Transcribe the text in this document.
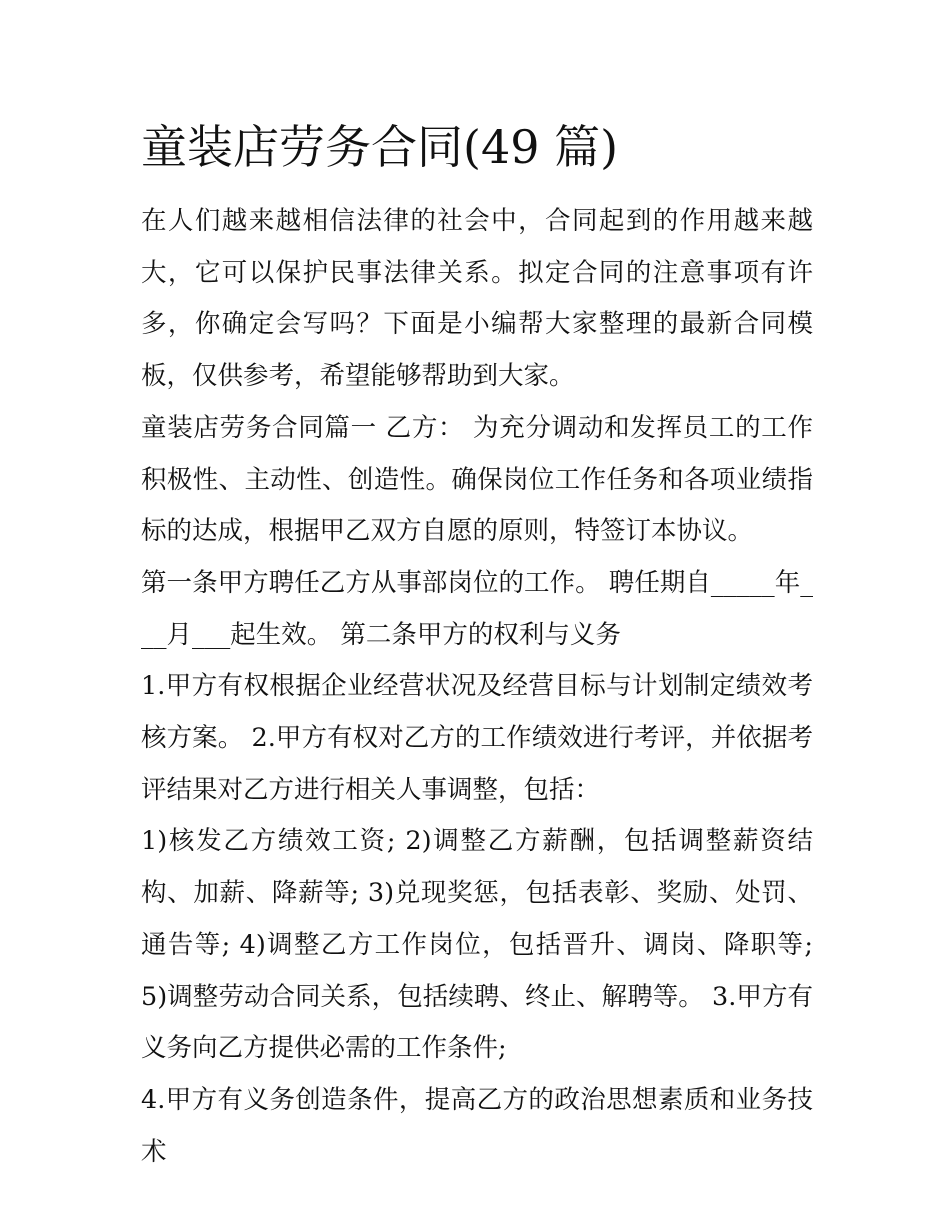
童装店劳务合同(49 篇)

在人们越来越相信法律的社会中，合同起到的作用越来越大，它可以保护民事法律关系。拟定合同的注意事项有许多，你确定会写吗？下面是小编帮大家整理的最新合同模板，仅供参考，希望能够帮助到大家。

童装店劳务合同篇一 乙方： 为充分调动和发挥员工的工作积极性、主动性、创造性。确保岗位工作任务和各项业绩指标的达成，根据甲乙双方自愿的原则，特签订本协议。

第一条甲方聘任乙方从事部岗位的工作。 聘任期自_____年___月___起生效。 第二条甲方的权利与义务

1.甲方有权根据企业经营状况及经营目标与计划制定绩效考核方案。 2.甲方有权对乙方的工作绩效进行考评，并依据考评结果对乙方进行相关人事调整，包括：

1)核发乙方绩效工资; 2)调整乙方薪酬，包括调整薪资结构、加薪、降薪等; 3)兑现奖惩，包括表彰、奖励、处罚、通告等; 4)调整乙方工作岗位，包括晋升、调岗、降职等; 5)调整劳动合同关系，包括续聘、终止、解聘等。 3.甲方有义务向乙方提供必需的工作条件;

4.甲方有义务创造条件，提高乙方的政治思想素质和业务技术
